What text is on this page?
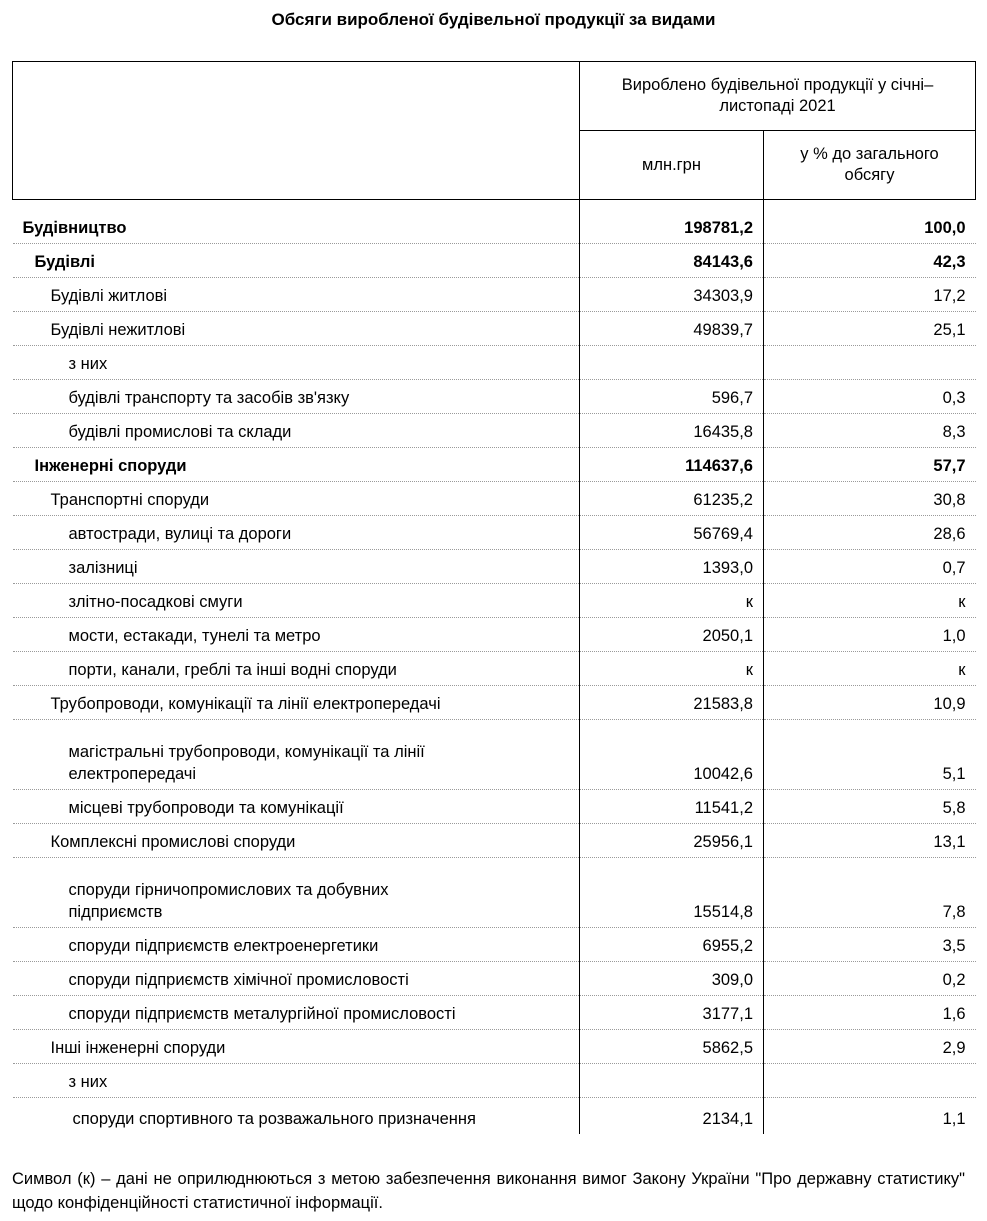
Обсяги виробленої будівельної продукції за видами
	Вироблено будівельної продукції у січні–листопаді 2021	
	млн.грн	у % до загального обсягу

Будівництво	198781,2	100,0
Будівлі	84143,6	42,3
Будівлі житлові	34303,9	17,2
Будівлі нежитлові	49839,7	25,1
з них		
будівлі транспорту та засобів зв'язку	596,7	0,3
будівлі промислові та склади	16435,8	8,3
Інженерні споруди	114637,6	57,7
Транспортні споруди	61235,2	30,8
автостради, вулиці та дороги	56769,4	28,6
залізниці	1393,0	0,7
злітно-посадкові смуги	к	к
мости, естакади, тунелі та метро	2050,1	1,0
порти, канали, греблі та інші водні споруди	к	к
Трубопроводи, комунікації та лінії електропередачі	21583,8	10,9
магістральні трубопроводи, комунікації та лінії електропередачі	10042,6	5,1
місцеві трубопроводи та комунікації	11541,2	5,8
Комплексні промислові споруди	25956,1	13,1
споруди гірничопромислових та добувних підприємств	15514,8	7,8
споруди підприємств електроенергетики	6955,2	3,5
споруди підприємств хімічної промисловості	309,0	0,2
споруди підприємств металургійної промисловості	3177,1	1,6
Інші інженерні споруди	5862,5	2,9
з них		
споруди спортивного та розважального призначення	2134,1	1,1
Символ (к) – дані не оприлюднюються з метою забезпечення виконання вимог Закону України "Про державну статистику" щодо конфіденційності статистичної інформації.
